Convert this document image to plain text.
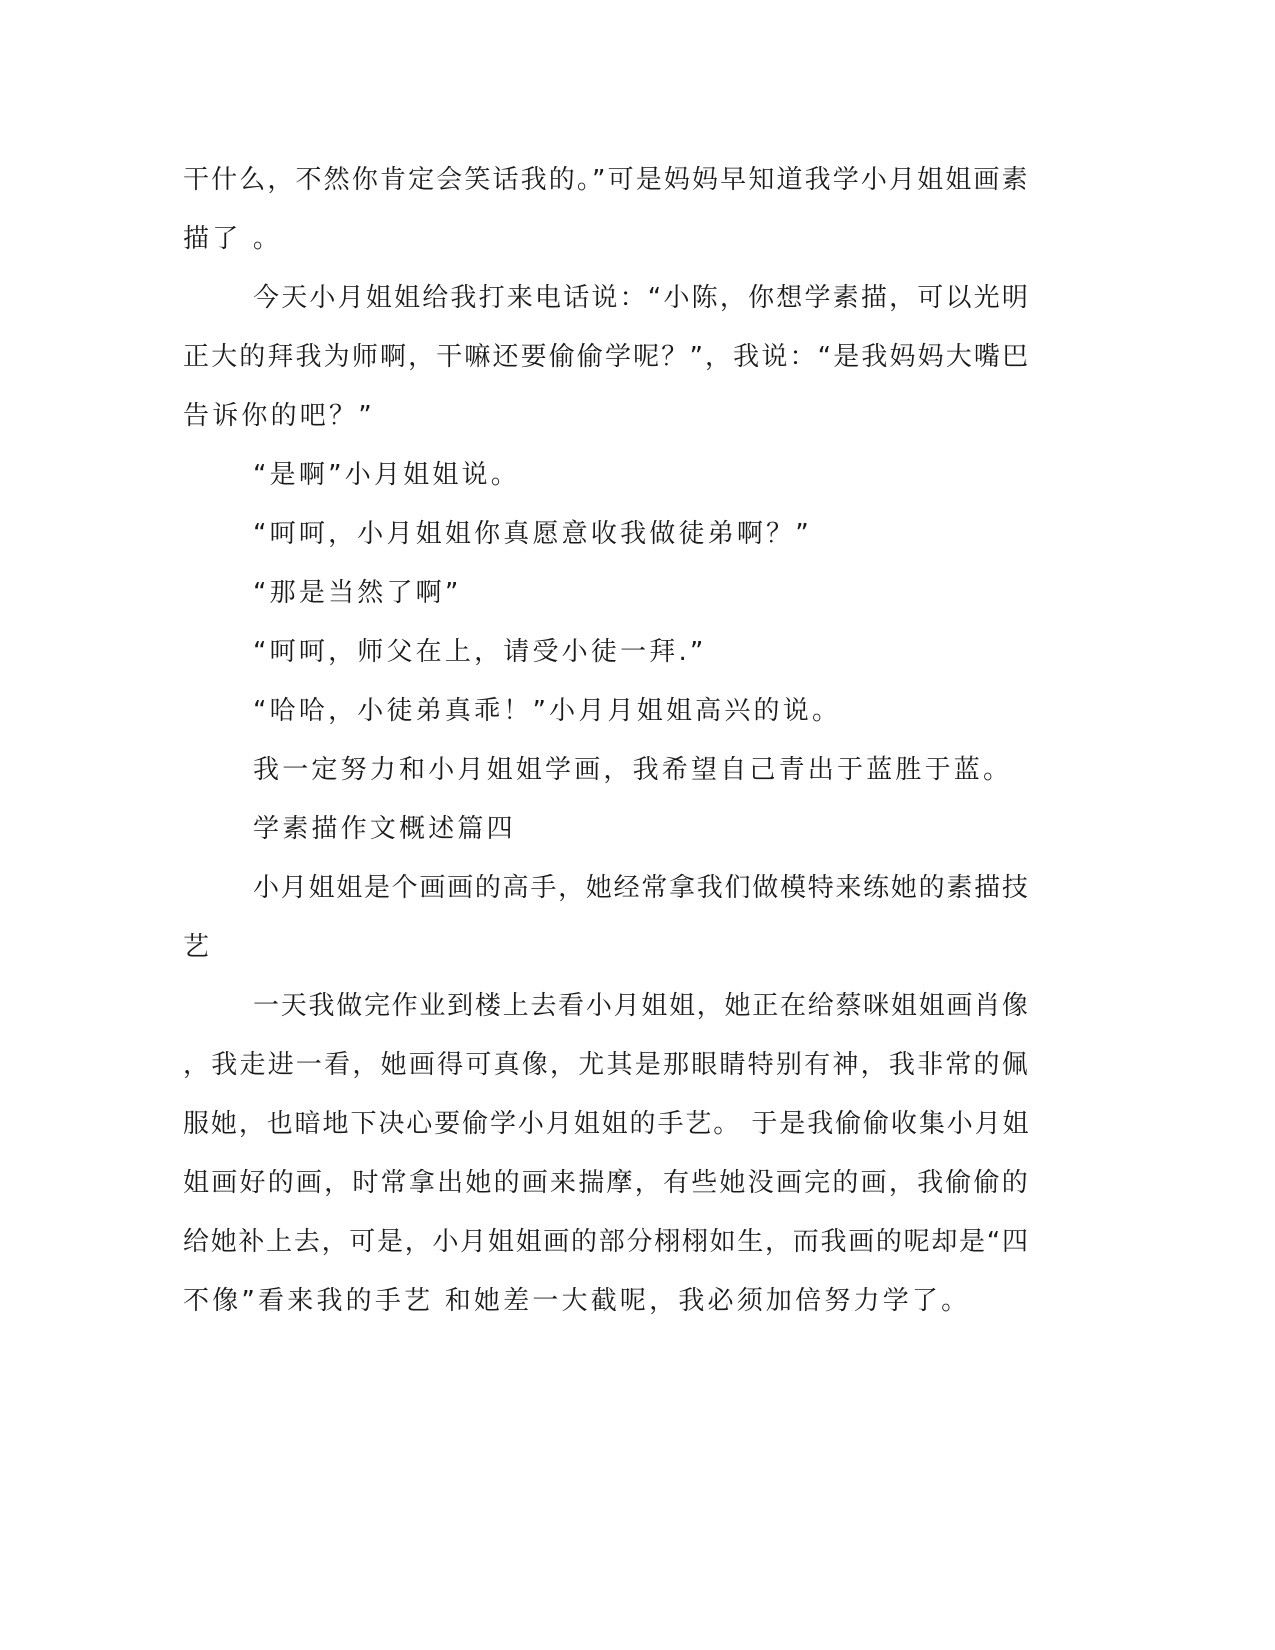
干什么，不然你肯定会笑话我的。”可是妈妈早知道我学小月姐姐画素
描了 。
今天小月姐姐给我打来电话说：“小陈，你想学素描，可以光明
正大的拜我为师啊，干嘛还要偷偷学呢？”，我说：“是我妈妈大嘴巴
告诉你的吧？”
“是啊”小月姐姐说。
“呵呵，小月姐姐你真愿意收我做徒弟啊？”
“那是当然了啊”
“呵呵，师父在上，请受小徒一拜.”
“哈哈，小徒弟真乖！”小月月姐姐高兴的说。
我一定努力和小月姐姐学画，我希望自己青出于蓝胜于蓝。
学素描作文概述篇四
小月姐姐是个画画的高手，她经常拿我们做模特来练她的素描技
艺
一天我做完作业到楼上去看小月姐姐，她正在给蔡咪姐姐画肖像
，我走进一看，她画得可真像，尤其是那眼睛特别有神，我非常的佩
服她，也暗地下决心要偷学小月姐姐的手艺。 于是我偷偷收集小月姐
姐画好的画，时常拿出她的画来揣摩，有些她没画完的画，我偷偷的
给她补上去，可是，小月姐姐画的部分栩栩如生，而我画的呢却是“四
不像”看来我的手艺 和她差一大截呢，我必须加倍努力学了。
